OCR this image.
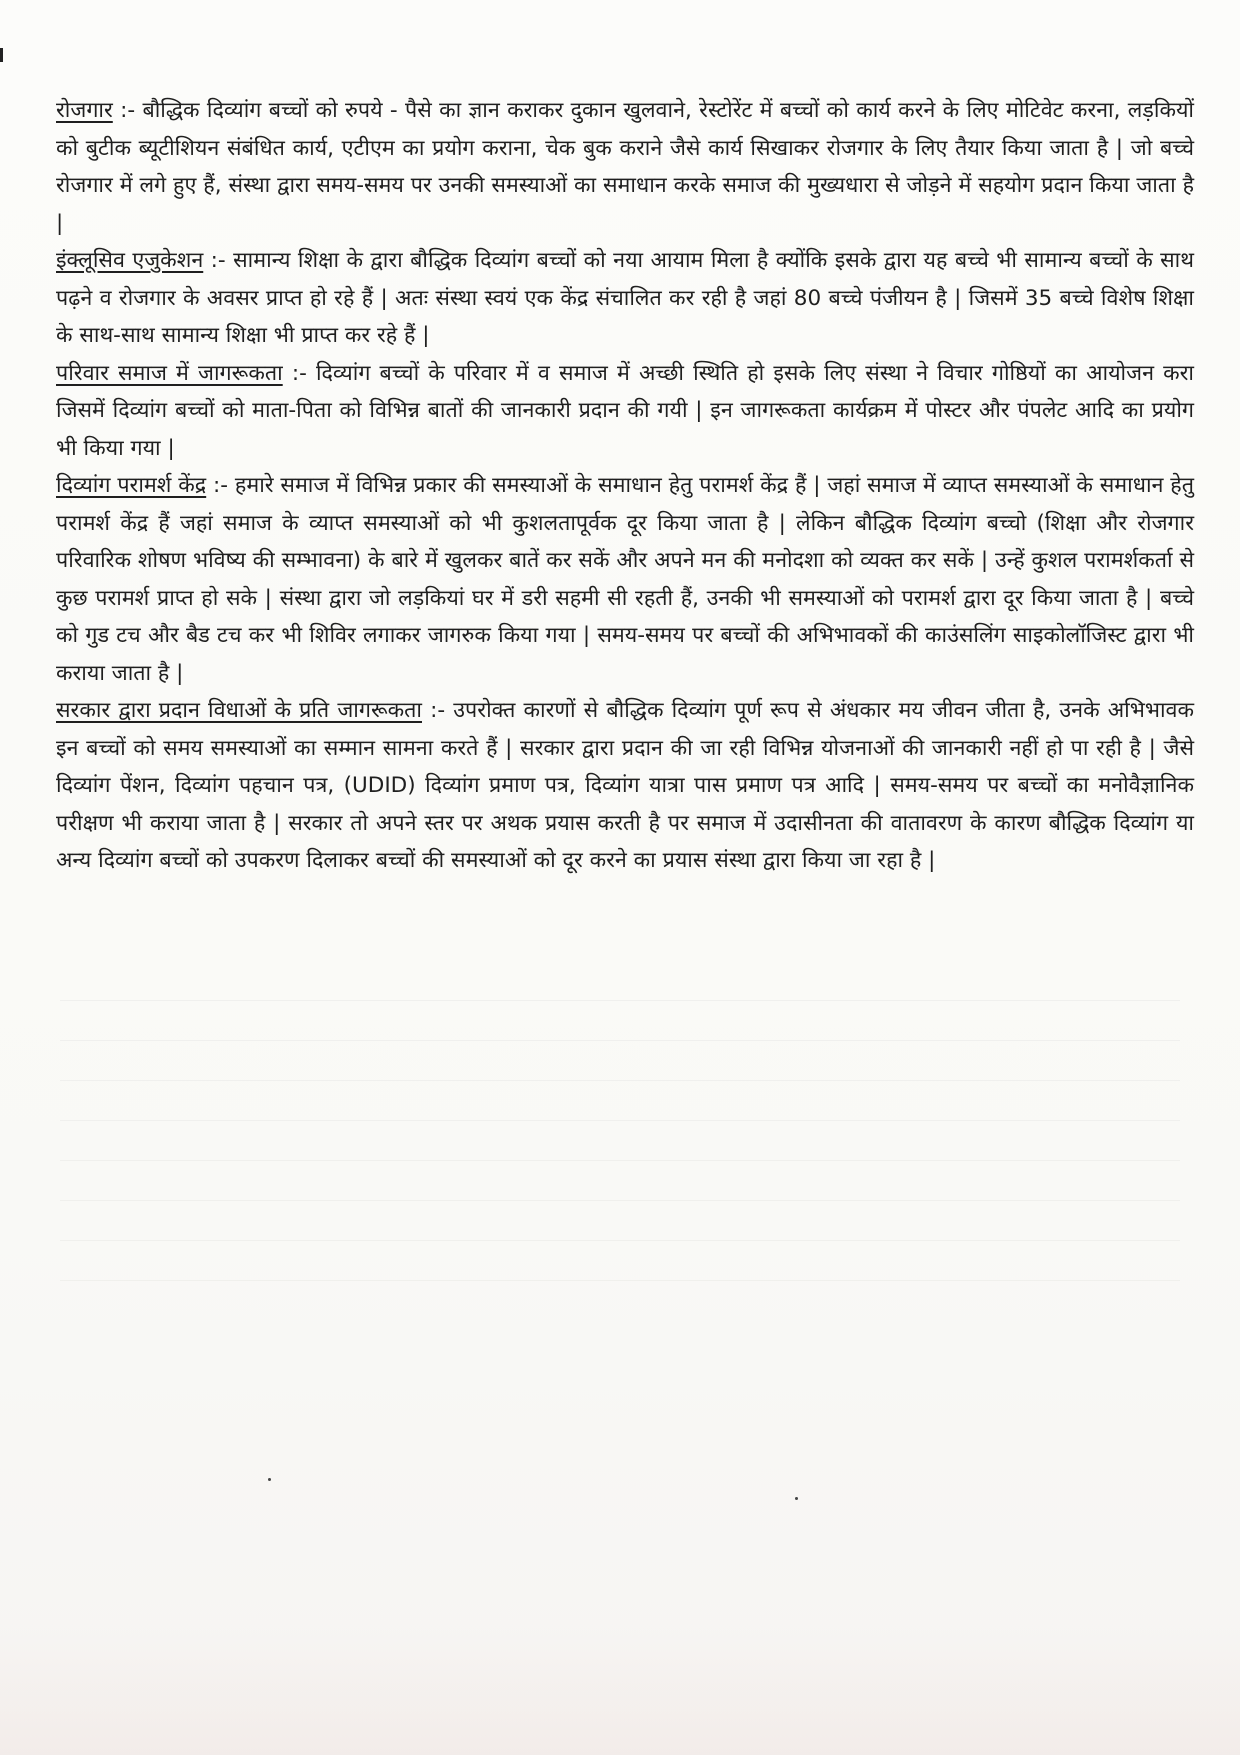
रोजगार :- बौद्धिक दिव्यांग बच्चों को रुपये - पैसे का ज्ञान कराकर दुकान खुलवाने, रेस्टोरेंट में बच्चों को कार्य करने के लिए मोटिवेट करना, लड़कियों को बुटीक ब्यूटीशियन संबंधित कार्य, एटीएम का प्रयोग कराना, चेक बुक कराने जैसे कार्य सिखाकर रोजगार के लिए तैयार किया जाता है | जो बच्चे रोजगार में लगे हुए हैं, संस्था द्वारा समय-समय पर उनकी समस्याओं का समाधान करके समाज की मुख्यधारा से जोड़ने में सहयोग प्रदान किया जाता है |

इंक्लूसिव एजुकेशन :- सामान्य शिक्षा के द्वारा बौद्धिक दिव्यांग बच्चों को नया आयाम मिला है क्योंकि इसके द्वारा यह बच्चे भी सामान्य बच्चों के साथ पढ़ने व रोजगार के अवसर प्राप्त हो रहे हैं | अतः संस्था स्वयं एक केंद्र संचालित कर रही है जहां 80 बच्चे पंजीयन है | जिसमें 35 बच्चे विशेष शिक्षा के साथ-साथ सामान्य शिक्षा भी प्राप्त कर रहे हैं |

परिवार समाज में जागरूकता :- दिव्यांग बच्चों के परिवार में व समाज में अच्छी स्थिति हो इसके लिए संस्था ने विचार गोष्ठियों का आयोजन करा जिसमें दिव्यांग बच्चों को माता-पिता को विभिन्न बातों की जानकारी प्रदान की गयी | इन जागरूकता कार्यक्रम में पोस्टर और पंपलेट आदि का प्रयोग भी किया गया |

दिव्यांग परामर्श केंद्र :- हमारे समाज में विभिन्न प्रकार की समस्याओं के समाधान हेतु परामर्श केंद्र हैं | जहां समाज में व्याप्त समस्याओं के समाधान हेतु परामर्श केंद्र हैं जहां समाज के व्याप्त समस्याओं को भी कुशलतापूर्वक दूर किया जाता है | लेकिन बौद्धिक दिव्यांग बच्चो (शिक्षा और रोजगार परिवारिक शोषण भविष्य की सम्भावना) के बारे में खुलकर बातें कर सकें और अपने मन की मनोदशा को व्यक्त कर सकें | उन्हें कुशल परामर्शकर्ता से कुछ परामर्श प्राप्त हो सके | संस्था द्वारा जो लड़कियां घर में डरी सहमी सी रहती हैं, उनकी भी समस्याओं को परामर्श द्वारा दूर किया जाता है | बच्चे को गुड टच और बैड टच कर भी शिविर लगाकर जागरुक किया गया | समय-समय पर बच्चों की अभिभावकों की काउंसलिंग साइकोलॉजिस्ट द्वारा भी कराया जाता है |

सरकार द्वारा प्रदान विधाओं के प्रति जागरूकता :- उपरोक्त कारणों से बौद्धिक दिव्यांग पूर्ण रूप से अंधकार मय जीवन जीता है, उनके अभिभावक इन बच्चों को समय समस्याओं का सम्मान सामना करते हैं | सरकार द्वारा प्रदान की जा रही विभिन्न योजनाओं की जानकारी नहीं हो पा रही है | जैसे दिव्यांग पेंशन, दिव्यांग पहचान पत्र, (UDID) दिव्यांग प्रमाण पत्र, दिव्यांग यात्रा पास प्रमाण पत्र आदि | समय-समय पर बच्चों का मनोवैज्ञानिक परीक्षण भी कराया जाता है | सरकार तो अपने स्तर पर अथक प्रयास करती है पर समाज में उदासीनता की वातावरण के कारण बौद्धिक दिव्यांग या अन्य दिव्यांग बच्चों को उपकरण दिलाकर बच्चों की समस्याओं को दूर करने का प्रयास संस्था द्वारा किया जा रहा है |
